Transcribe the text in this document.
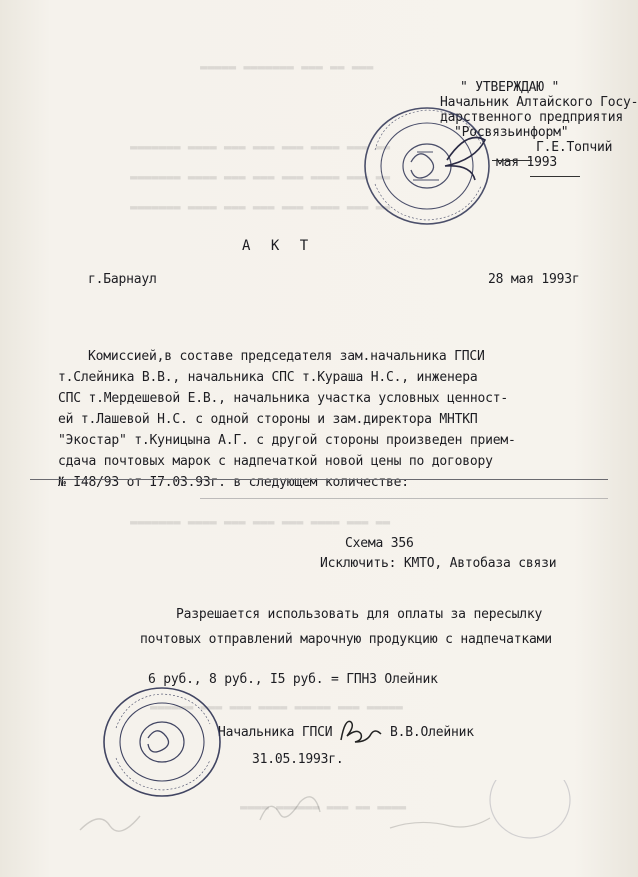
▬▬▬ ▬▬ ▬▬▬ ▬▬▬▬▬▬▬ ▬▬▬▬▬
▬▬ ▬▬▬ ▬▬▬▬ ▬▬▬ ▬▬▬ ▬▬▬ ▬▬▬▬ ▬▬▬▬▬▬▬
▬▬ ▬▬▬ ▬▬▬▬ ▬▬▬ ▬▬▬ ▬▬▬ ▬▬▬▬ ▬▬▬▬▬▬▬
▬▬ ▬▬▬ ▬▬▬▬ ▬▬▬ ▬▬▬ ▬▬▬ ▬▬▬▬ ▬▬▬▬▬▬▬
▬▬ ▬▬▬ ▬▬▬▬ ▬▬▬ ▬▬▬ ▬▬▬ ▬▬▬▬ ▬▬▬▬▬▬▬
▬▬▬▬▬ ▬▬▬ ▬▬▬▬▬ ▬▬▬▬ ▬▬▬ ▬▬▬ ▬▬▬▬▬▬
▬▬▬▬ ▬▬ ▬▬▬ ▬▬▬▬▬▬ ▬▬▬▬
" УТВЕРЖДАЮ "
Начальник Алтайского Госу-
дарственного предприятия
"Росвязьинформ"
Г.Е.Топчий
мая 1993
А К Т
г.Барнаул	28 мая 1993г
Комиссией,в составе председателя зам.начальника ГПСИ
т.Слейника В.В., начальника СПС т.Кураша Н.С., инженера
СПС т.Мердешевой Е.В., начальника участка условных ценност-
ей т.Лашевой Н.С. с одной стороны и зам.директора МНТКП
"Экостар" т.Куницына А.Г. с другой стороны произведен прием-
сдача почтовых марок с надпечаткой новой цены по договору
№ I48/93 от I7.03.93г. в следующем количестве:
Схема 356
Исключить: КМТО, Автобаза связи
Разрешается использовать для оплаты за пересылку
почтовых отправлений марочную продукцию с надпечатками
6 руб., 8 руб., I5 руб. = ГПНЗ Олейник
Начальника ГПСИ	В.В.Олейник
31.05.1993г.
